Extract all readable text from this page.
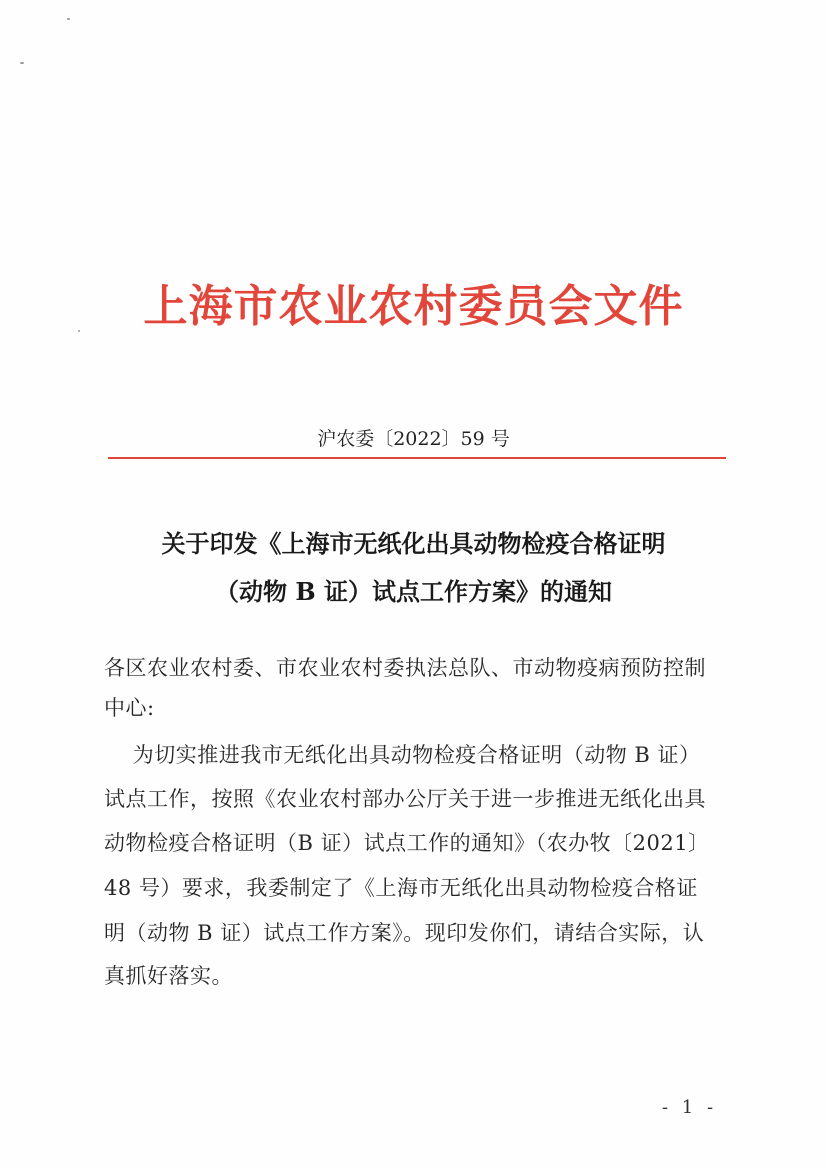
上海市农业农村委员会文件
沪农委〔2022〕59 号
关于印发《上海市无纸化出具动物检疫合格证明
（动物 B 证）试点工作方案》的通知
各区农业农村委、市农业农村委执法总队、市动物疫病预防控制
中心:
为切实推进我市无纸化出具动物检疫合格证明（动物 B 证）
试点工作，按照《农业农村部办公厅关于进一步推进无纸化出具
动物检疫合格证明（B 证）试点工作的通知》（农办牧〔2021〕
48 号）要求，我委制定了《上海市无纸化出具动物检疫合格证
明（动物 B 证）试点工作方案》。现印发你们，请结合实际，认
真抓好落实。
- 1 -
